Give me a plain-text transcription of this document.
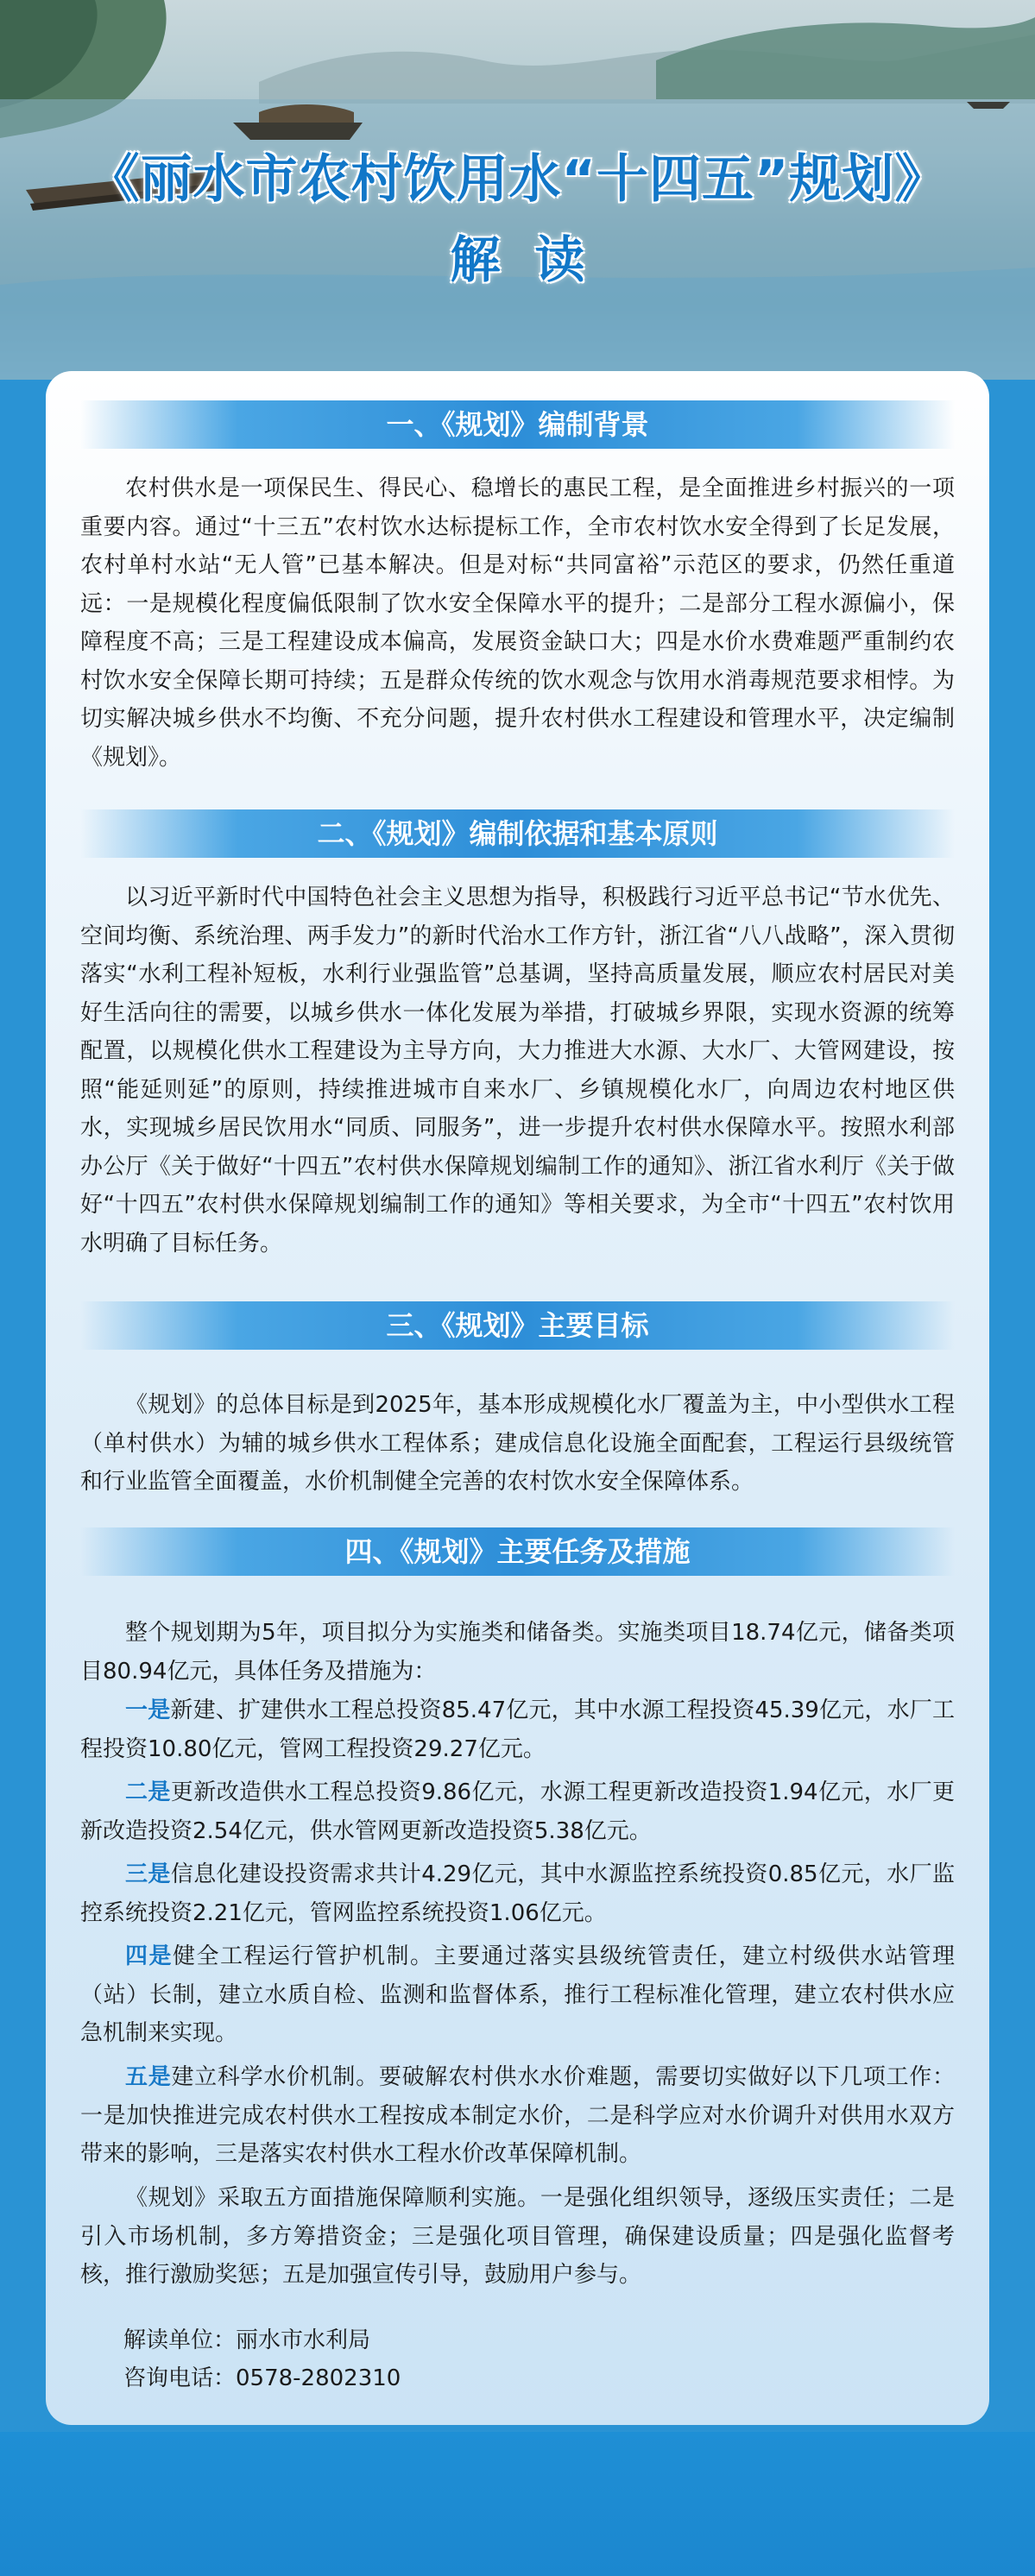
《丽水市农村饮用水“十四五”规划》
解读
一、《规划》编制背景

农村供水是一项保民生、得民心、稳增长的惠民工程，是全面推进乡村振兴的一项重要内容。通过“十三五”农村饮水达标提标工作，全市农村饮水安全得到了长足发展，农村单村水站“无人管”已基本解决。但是对标“共同富裕”示范区的要求，仍然任重道远：一是规模化程度偏低限制了饮水安全保障水平的提升；二是部分工程水源偏小，保障程度不高；三是工程建设成本偏高，发展资金缺口大；四是水价水费难题严重制约农村饮水安全保障长期可持续；五是群众传统的饮水观念与饮用水消毒规范要求相悖。为切实解决城乡供水不均衡、不充分问题，提升农村供水工程建设和管理水平，决定编制《规划》。

二、《规划》编制依据和基本原则

以习近平新时代中国特色社会主义思想为指导，积极践行习近平总书记“节水优先、空间均衡、系统治理、两手发力”的新时代治水工作方针，浙江省“八八战略”，深入贯彻落实“水利工程补短板，水利行业强监管”总基调，坚持高质量发展，顺应农村居民对美好生活向往的需要，以城乡供水一体化发展为举措，打破城乡界限，实现水资源的统筹配置，以规模化供水工程建设为主导方向，大力推进大水源、大水厂、大管网建设，按照“能延则延”的原则，持续推进城市自来水厂、乡镇规模化水厂，向周边农村地区供水，实现城乡居民饮用水“同质、同服务”，进一步提升农村供水保障水平。按照水利部办公厅《关于做好“十四五”农村供水保障规划编制工作的通知》、浙江省水利厅《关于做好“十四五”农村供水保障规划编制工作的通知》等相关要求，为全市“十四五”农村饮用水明确了目标任务。

三、《规划》主要目标

《规划》的总体目标是到2025年，基本形成规模化水厂覆盖为主，中小型供水工程（单村供水）为辅的城乡供水工程体系；建成信息化设施全面配套，工程运行县级统管和行业监管全面覆盖，水价机制健全完善的农村饮水安全保障体系。

四、《规划》主要任务及措施

整个规划期为5年，项目拟分为实施类和储备类。实施类项目18.74亿元，储备类项目80.94亿元，具体任务及措施为：

一是新建、扩建供水工程总投资85.47亿元，其中水源工程投资45.39亿元，水厂工程投资10.80亿元，管网工程投资29.27亿元。

二是更新改造供水工程总投资9.86亿元，水源工程更新改造投资1.94亿元，水厂更新改造投资2.54亿元，供水管网更新改造投资5.38亿元。

三是信息化建设投资需求共计4.29亿元，其中水源监控系统投资0.85亿元，水厂监控系统投资2.21亿元，管网监控系统投资1.06亿元。

四是健全工程运行管护机制。主要通过落实县级统管责任，建立村级供水站管理（站）长制，建立水质自检、监测和监督体系，推行工程标准化管理，建立农村供水应急机制来实现。

五是建立科学水价机制。要破解农村供水水价难题，需要切实做好以下几项工作：一是加快推进完成农村供水工程按成本制定水价，二是科学应对水价调升对供用水双方带来的影响，三是落实农村供水工程水价改革保障机制。

《规划》采取五方面措施保障顺利实施。一是强化组织领导，逐级压实责任；二是引入市场机制，多方筹措资金；三是强化项目管理，确保建设质量；四是强化监督考核，推行激励奖惩；五是加强宣传引导，鼓励用户参与。

解读单位：丽水市水利局

咨询电话：0578-2802310
